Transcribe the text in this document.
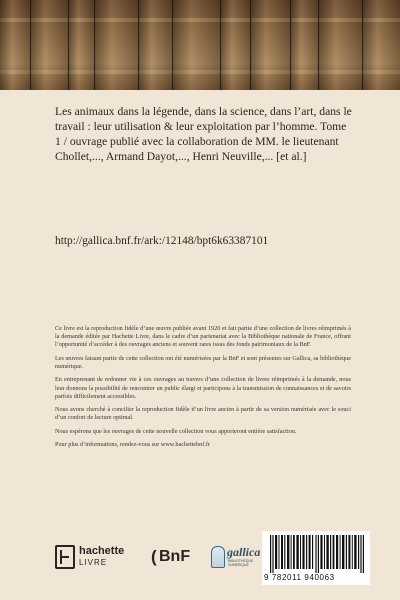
Les animaux dans la légende, dans la science, dans l’art, dans le travail : leur utilisation & leur exploitation par l’homme. Tome 1 / ouvrage publié avec la collaboration de MM. le lieutenant Chollet,..., Armand Dayot,..., Henri Neuville,... [et al.]

http://gallica.bnf.fr/ark:/12148/bpt6k63387101

Ce livre est la reproduction fidèle d’une œuvre publiée avant 1920 et fait partie d’une collection de livres réimprimés à la demande éditée par Hachette Livre, dans le cadre d’un partenariat avec la Bibliothèque nationale de France, offrant l’opportunité d’accéder à des ouvrages anciens et souvent rares issus des fonds patrimoniaux de la BnF.

Les œuvres faisant partie de cette collection ont été numérisées par la BnF et sont présentes sur Gallica, sa bibliothèque numérique.

En entreprenant de redonner vie à ces ouvrages au travers d’une collection de livres réimprimés à la demande, nous leur donnons la possibilité de rencontrer un public élargi et participons à la transmission de connaissances et de savoirs parfois difficilement accessibles.

Nous avons cherché à concilier la reproduction fidèle d’un livre ancien à partir de sa version numérisée avec le souci d’un confort de lecture optimal.

Nous espérons que les ouvrages de cette nouvelle collection vous apporteront entière satisfaction.

Pour plus d’informations, rendez-vous sur www.hachettebnf.fr

hachette
LIVRE	( BnF	gallica
BIBLIOTHÈQUE NUMÉRIQUE
9 782011 940063
